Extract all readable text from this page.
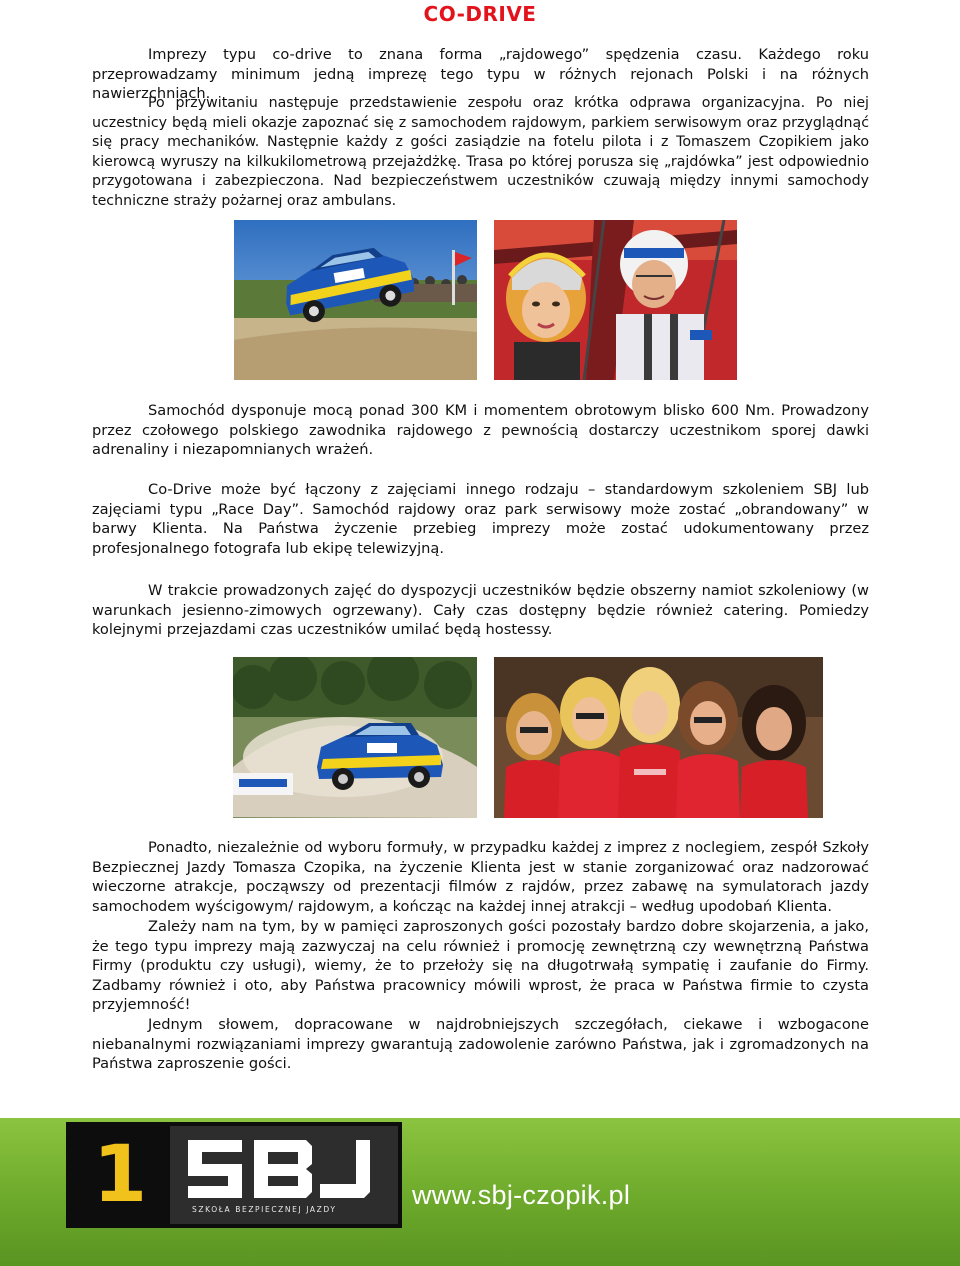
CO-DRIVE

Imprezy typu co-drive to znana forma „rajdowego” spędzenia czasu. Każdego roku przeprowadzamy minimum jedną imprezę tego typu w różnych rejonach Polski i na różnych nawierzchniach.

Po przywitaniu następuje przedstawienie zespołu oraz krótka odprawa organizacyjna. Po niej uczestnicy będą mieli okazje zapoznać się z samochodem rajdowym, parkiem serwisowym oraz przyglądnąć się pracy mechaników. Następnie każdy z gości zasiądzie na fotelu pilota i z Tomaszem Czopikiem jako kierowcą wyruszy na kilkukilometrową przejażdżkę. Trasa po której porusza się „rajdówka” jest odpowiednio przygotowana i zabezpieczona. Nad bezpieczeństwem uczestników czuwają między innymi samochody techniczne straży pożarnej oraz ambulans.

Samochód dysponuje mocą ponad 300 KM i momentem obrotowym blisko 600 Nm. Prowadzony przez czołowego polskiego zawodnika rajdowego z pewnością dostarczy uczestnikom sporej dawki adrenaliny i niezapomnianych wrażeń.

Co-Drive może być łączony z zajęciami innego rodzaju – standardowym szkoleniem SBJ lub zajęciami typu „Race Day”. Samochód rajdowy oraz park serwisowy może zostać „obrandowany” w barwy Klienta. Na Państwa życzenie przebieg imprezy może zostać udokumentowany przez profesjonalnego fotografa lub ekipę telewizyjną.

W trakcie prowadzonych zajęć do dyspozycji uczestników będzie obszerny namiot szkoleniowy (w warunkach jesienno-zimowych ogrzewany). Cały czas dostępny będzie również catering. Pomiedzy kolejnymi przejazdami czas uczestników umilać będą hostessy.

Ponadto, niezależnie od wyboru formuły, w przypadku każdej z imprez z noclegiem, zespół Szkoły Bezpiecznej Jazdy Tomasza Czopika, na życzenie Klienta jest w stanie zorganizować oraz nadzorować wieczorne atrakcje, począwszy od prezentacji filmów z rajdów, przez zabawę na symulatorach jazdy samochodem wyścigowym/ rajdowym, a kończąc na każdej innej atrakcji – według upodobań Klienta.

Zależy nam na tym, by w pamięci zaproszonych gości pozostały bardzo dobre skojarzenia, a jako, że tego typu imprezy mają zazwyczaj na celu również i promocję zewnętrzną czy wewnętrzną Państwa Firmy (produktu czy usługi), wiemy, że to przełoży się na długotrwałą sympatię i zaufanie do Firmy. Zadbamy również i oto, aby Państwa pracownicy mówili wprost, że praca w Państwa firmie to czysta przyjemność!

Jednym słowem, dopracowane w najdrobniejszych szczegółach, ciekawe i wzbogacone niebanalnymi rozwiązaniami imprezy gwarantują zadowolenie zarówno Państwa, jak i zgromadzonych na Państwa zaproszenie gości.

1	SZKOŁA BEZPIECZNEJ JAZDY	www.sbj-czopik.pl
